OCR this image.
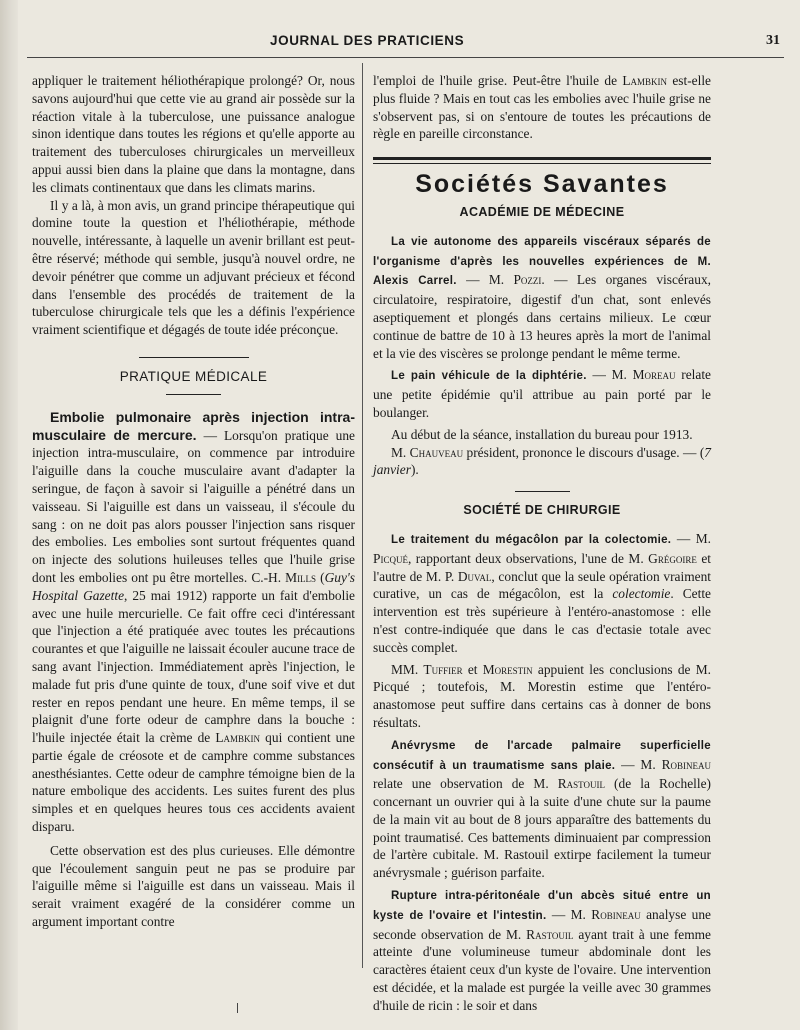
JOURNAL DES PRATICIENS	31

appliquer le traitement héliothérapique prolongé? Or, nous savons aujourd'hui que cette vie au grand air possède sur la réaction vitale à la tuberculose, une puissance analogue sinon identique dans toutes les régions et qu'elle apporte au traitement des tuberculoses chirurgicales un merveilleux appui aussi bien dans la plaine que dans la montagne, dans les climats continentaux que dans les climats marins.

Il y a là, à mon avis, un grand principe thérapeutique qui domine toute la question et l'héliothérapie, méthode nouvelle, intéressante, à laquelle un avenir brillant est peut-être réservé; méthode qui semble, jusqu'à nouvel ordre, ne devoir pénétrer que comme un adjuvant précieux et fécond dans l'ensemble des procédés de traitement de la tuberculose chirurgicale tels que les a définis l'expérience vraiment scientifique et dégagés de toute idée préconçue.

PRATIQUE MÉDICALE

Embolie pulmonaire après injection intra-musculaire de mercure. — Lorsqu'on pratique une injection intra-musculaire, on commence par introduire l'aiguille dans la couche musculaire avant d'adapter la seringue, de façon à savoir si l'aiguille a pénétré dans un vaisseau. Si l'aiguille est dans un vaisseau, il s'écoule du sang : on ne doit pas alors pousser l'injection sans risquer des embolies. Les embolies sont surtout fréquentes quand on injecte des solutions huileuses telles que l'huile grise dont les embolies ont pu être mortelles. C.-H. Mills (Guy's Hospital Gazette, 25 mai 1912) rapporte un fait d'embolie avec une huile mercurielle. Ce fait offre ceci d'intéressant que l'injection a été pratiquée avec toutes les précautions courantes et que l'aiguille ne laissait écouler aucune trace de sang avant l'injection. Immédiatement après l'injection, le malade fut pris d'une quinte de toux, d'une soif vive et dut rester en repos pendant une heure. En même temps, il se plaignit d'une forte odeur de camphre dans la bouche : l'huile injectée était la crème de Lambkin qui contient une partie égale de créosote et de camphre comme substances anesthésiantes. Cette odeur de camphre témoigne bien de la nature embolique des accidents. Les suites furent des plus simples et en quelques heures tous ces accidents avaient disparu.

Cette observation est des plus curieuses. Elle démontre que l'écoulement sanguin peut ne pas se produire par l'aiguille même si l'aiguille est dans un vaisseau. Mais il serait vraiment exagéré de la considérer comme un argument important contre

l'emploi de l'huile grise. Peut-être l'huile de Lambkin est-elle plus fluide ? Mais en tout cas les embolies avec l'huile grise ne s'observent pas, si on s'entoure de toutes les précautions de règle en pareille circonstance.

Sociétés Savantes
ACADÉMIE DE MÉDECINE

La vie autonome des appareils viscéraux séparés de l'organisme d'après les nouvelles expériences de M. Alexis Carrel. — M. Pozzi. — Les organes viscéraux, circulatoire, respiratoire, digestif d'un chat, sont enlevés aseptiquement et plongés dans certains milieux. Le cœur continue de battre de 10 à 13 heures après la mort de l'animal et la vie des viscères se prolonge pendant le même terme.

Le pain véhicule de la diphtérie. — M. Moreau relate une petite épidémie qu'il attribue au pain porté par le boulanger.

Au début de la séance, installation du bureau pour 1913.

M. Chauveau président, prononce le discours d'usage. — (7 janvier).

SOCIÉTÉ DE CHIRURGIE

Le traitement du mégacôlon par la colectomie. — M. Picqué, rapportant deux observations, l'une de M. Grégoire et l'autre de M. P. Duval, conclut que la seule opération vraiment curative, un cas de mégacôlon, est la colectomie. Cette intervention est très supérieure à l'entéro-anastomose : elle n'est contre-indiquée que dans le cas d'ectasie totale avec succès complet.

MM. Tuffier et Morestin appuient les conclusions de M. Picqué ; toutefois, M. Morestin estime que l'entéro-anastomose peut suffire dans certains cas à donner de bons résultats.

Anévrysme de l'arcade palmaire superficielle consécutif à un traumatisme sans plaie. — M. Robineau relate une observation de M. Rastouil (de la Rochelle) concernant un ouvrier qui à la suite d'une chute sur la paume de la main vit au bout de 8 jours apparaître des battements du point traumatisé. Ces battements diminuaient par compression de l'artère cubitale. M. Rastouil extirpe facilement la tumeur anévrysmale ; guérison parfaite.

Rupture intra-péritonéale d'un abcès situé entre un kyste de l'ovaire et l'intestin. — M. Robineau analyse une seconde observation de M. Rastouil ayant trait à une femme atteinte d'une volumineuse tumeur abdominale dont les caractères étaient ceux d'un kyste de l'ovaire. Une intervention est décidée, et la malade est purgée la veille avec 30 grammes d'huile de ricin : le soir et dans
